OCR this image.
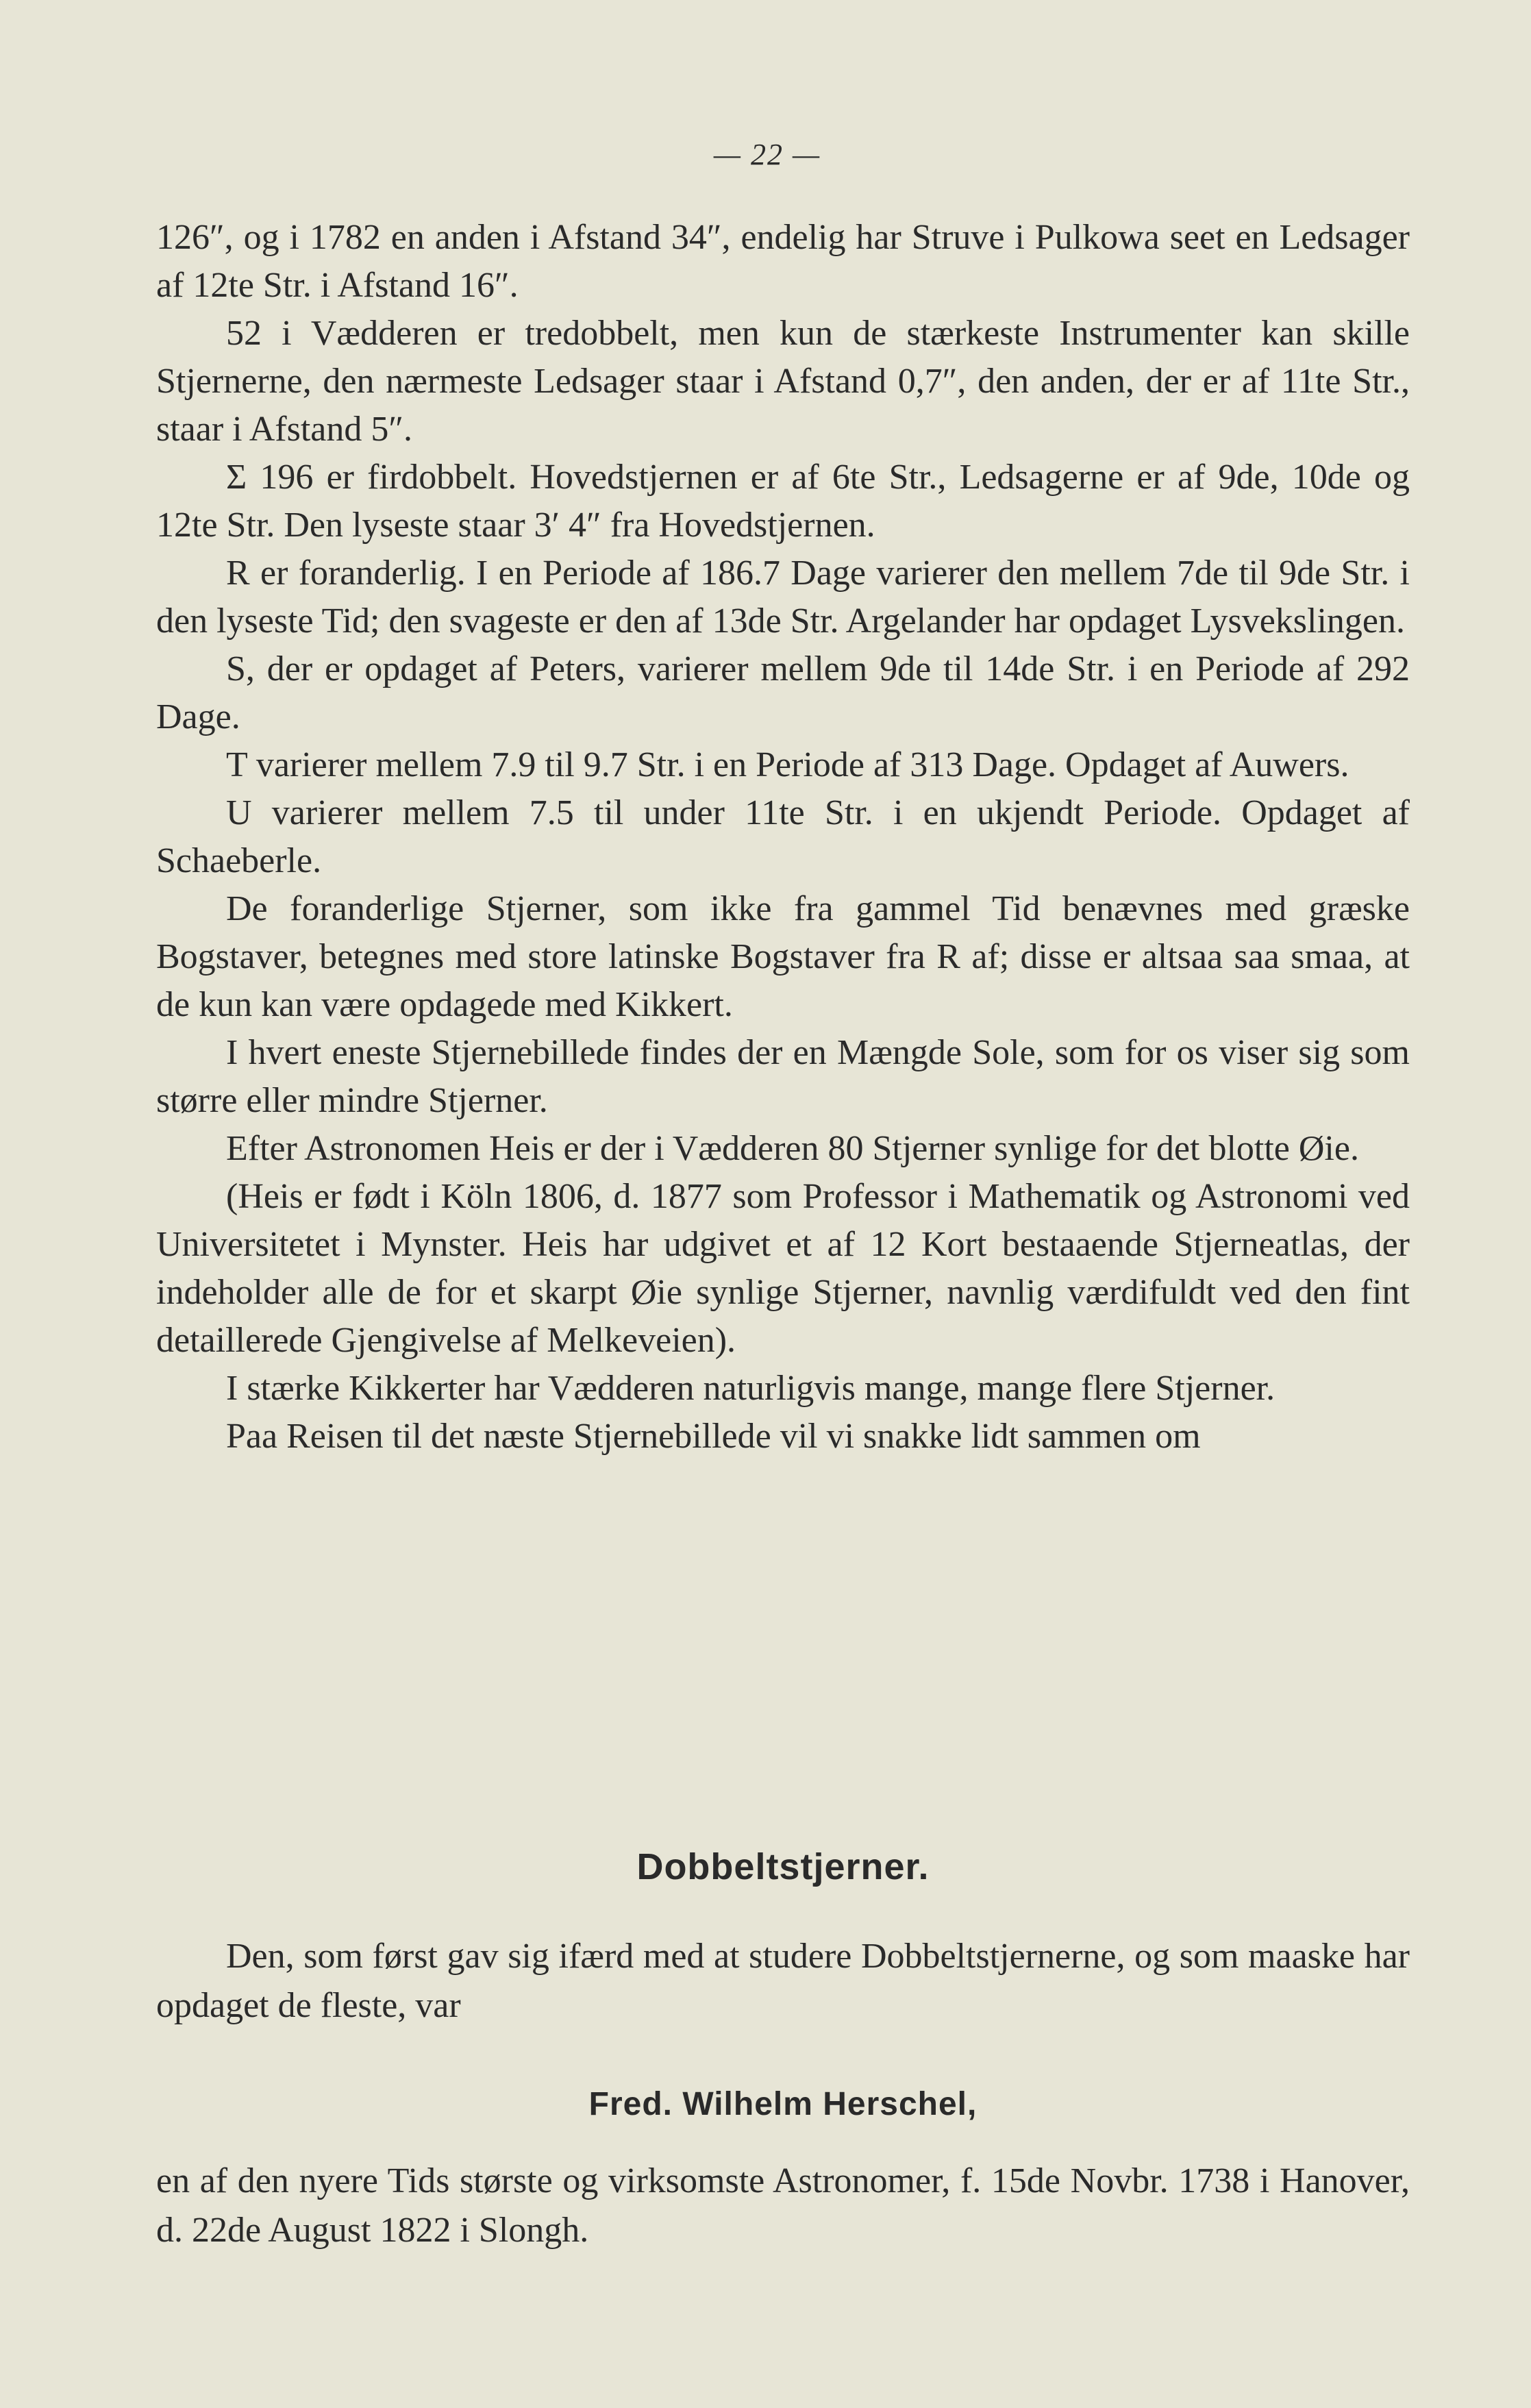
— 22 —

126″, og i 1782 en anden i Afstand 34″, endelig har Struve i Pulkowa seet en Ledsager af 12te Str. i Afstand 16″.

52 i Vædderen er tredobbelt, men kun de stærkeste Instrumenter kan skille Stjernerne, den nærmeste Ledsager staar i Afstand 0,7″, den anden, der er af 11te Str., staar i Afstand 5″.

Σ 196 er firdobbelt. Hovedstjernen er af 6te Str., Ledsagerne er af 9de, 10de og 12te Str. Den lyseste staar 3′ 4″ fra Hovedstjernen.

R er foranderlig. I en Periode af 186.7 Dage varierer den mellem 7de til 9de Str. i den lyseste Tid; den svageste er den af 13de Str. Argelander har opdaget Lysvekslingen.

S, der er opdaget af Peters, varierer mellem 9de til 14de Str. i en Periode af 292 Dage.

T varierer mellem 7.9 til 9.7 Str. i en Periode af 313 Dage. Opdaget af Auwers.

U varierer mellem 7.5 til under 11te Str. i en ukjendt Periode. Opdaget af Schaeberle.

De foranderlige Stjerner, som ikke fra gammel Tid benævnes med græske Bogstaver, betegnes med store latinske Bogstaver fra R af; disse er altsaa saa smaa, at de kun kan være opdagede med Kikkert.

I hvert eneste Stjernebillede findes der en Mængde Sole, som for os viser sig som større eller mindre Stjerner.

Efter Astronomen Heis er der i Vædderen 80 Stjerner synlige for det blotte Øie.

(Heis er født i Köln 1806, d. 1877 som Professor i Mathematik og Astronomi ved Universitetet i Mynster. Heis har udgivet et af 12 Kort bestaaende Stjerneatlas, der indeholder alle de for et skarpt Øie synlige Stjerner, navnlig værdifuldt ved den fint detaillerede Gjengivelse af Melkeveien).

I stærke Kikkerter har Vædderen naturligvis mange, mange flere Stjerner.

Paa Reisen til det næste Stjernebillede vil vi snakke lidt sammen om

Dobbeltstjerner.

Den, som først gav sig ifærd med at studere Dobbeltstjernerne, og som maaske har opdaget de fleste, var

Fred. Wilhelm Herschel,

en af den nyere Tids største og virksomste Astronomer, f. 15de Novbr. 1738 i Hanover, d. 22de August 1822 i Slongh.
